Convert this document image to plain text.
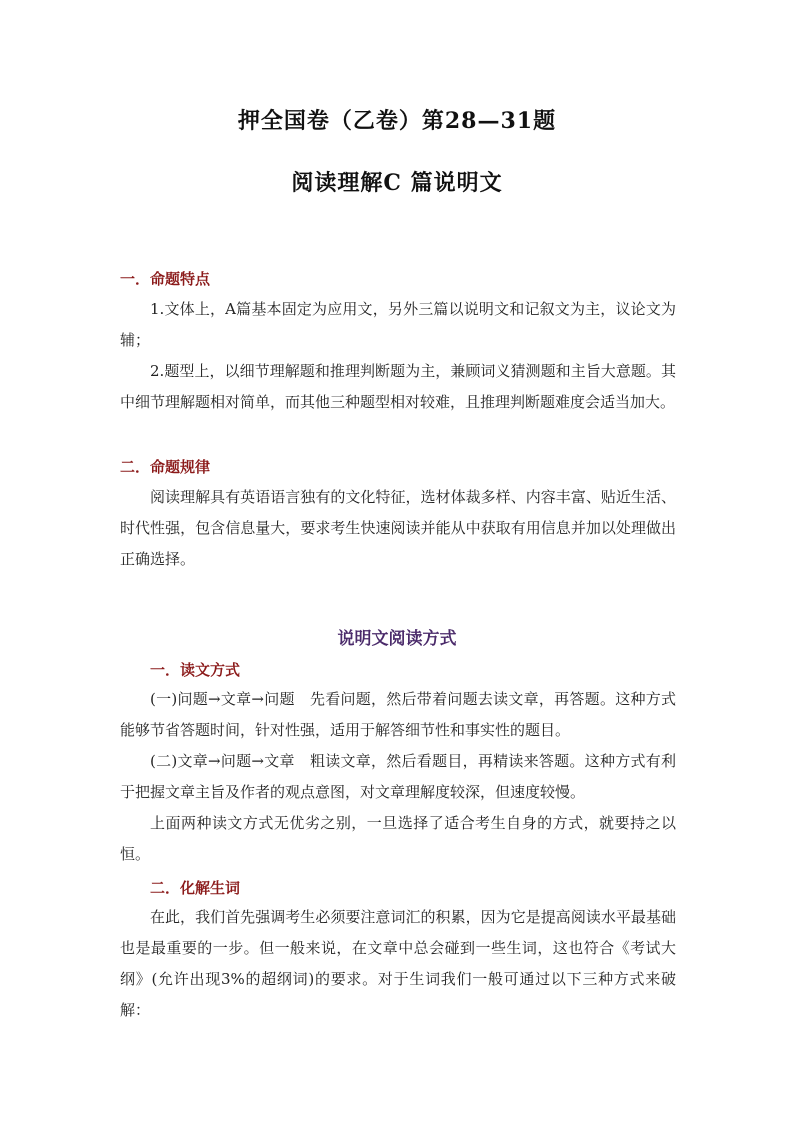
押全国卷（乙卷）第28—31题
阅读理解C 篇说明文
一．命题特点
1.文体上，A篇基本固定为应用文，另外三篇以说明文和记叙文为主，议论文为辅；
2.题型上，以细节理解题和推理判断题为主，兼顾词义猜测题和主旨大意题。其中细节理解题相对简单，而其他三种题型相对较难，且推理判断题难度会适当加大。
二．命题规律
阅读理解具有英语语言独有的文化特征，选材体裁多样、内容丰富、贴近生活、时代性强，包含信息量大，要求考生快速阅读并能从中获取有用信息并加以处理做出正确选择。
说明文阅读方式
一．读文方式
(一)问题→文章→问题　先看问题，然后带着问题去读文章，再答题。这种方式能够节省答题时间，针对性强，适用于解答细节性和事实性的题目。
(二)文章→问题→文章　粗读文章，然后看题目，再精读来答题。这种方式有利于把握文章主旨及作者的观点意图，对文章理解度较深，但速度较慢。
上面两种读文方式无优劣之别，一旦选择了适合考生自身的方式，就要持之以恒。
二．化解生词
在此，我们首先强调考生必须要注意词汇的积累，因为它是提高阅读水平最基础也是最重要的一步。但一般来说，在文章中总会碰到一些生词，这也符合《考试大纲》(允许出现3%的超纲词)的要求。对于生词我们一般可通过以下三种方式来破解：
